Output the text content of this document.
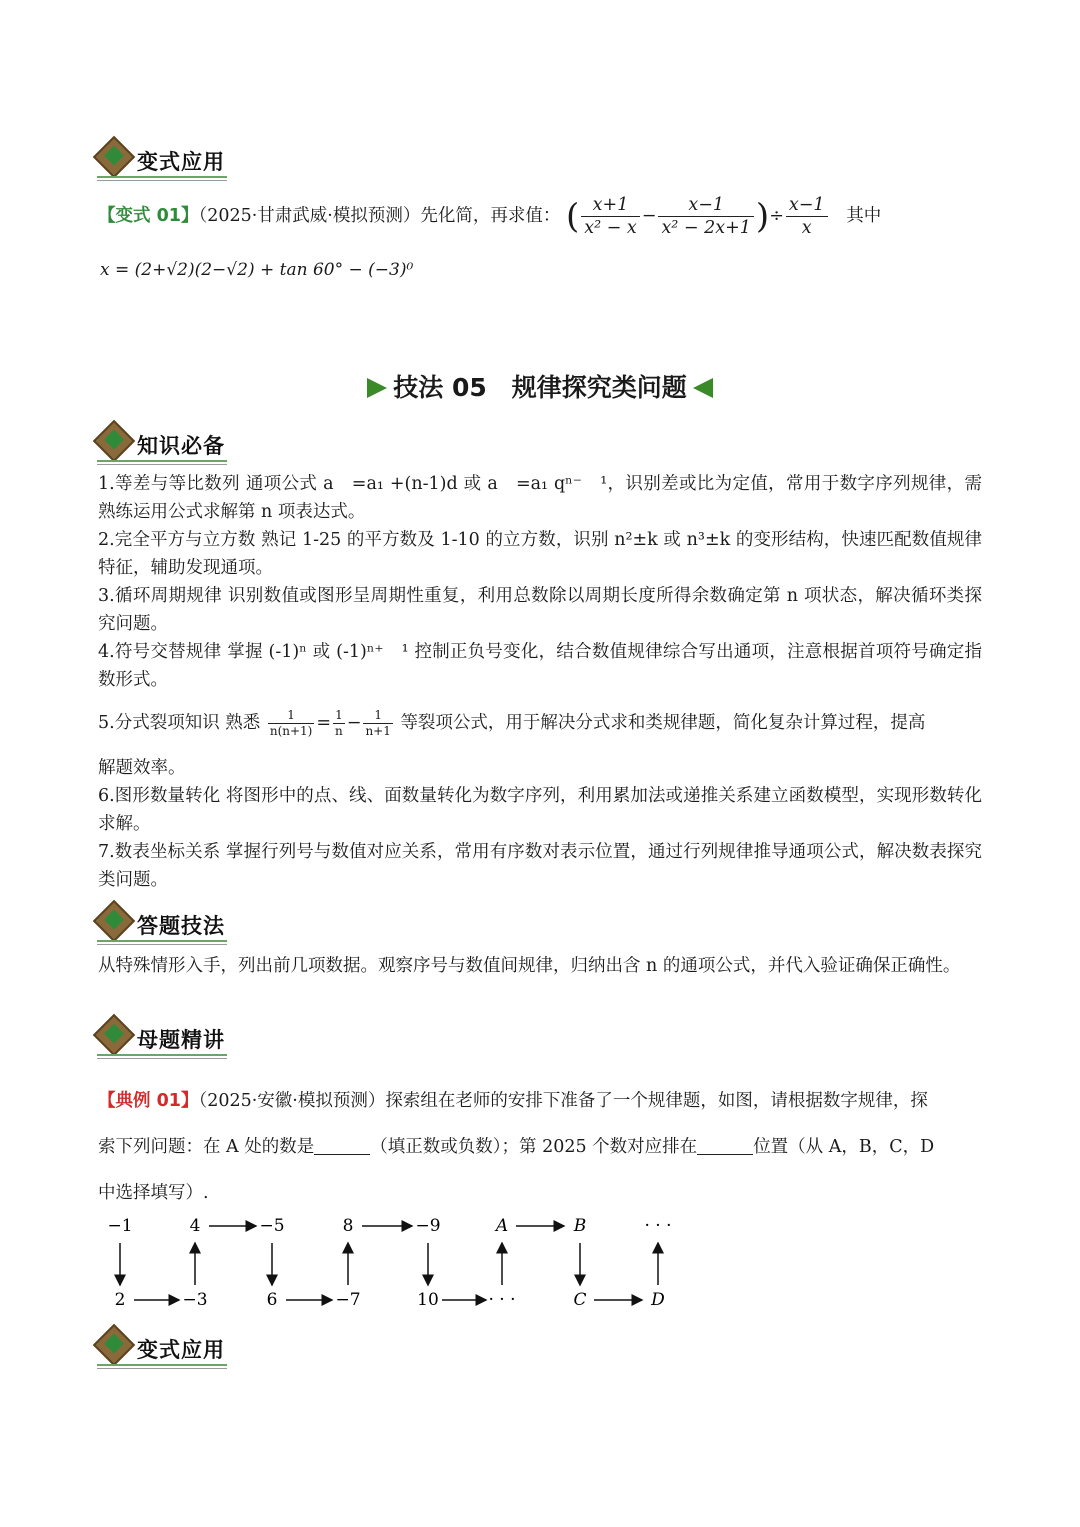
变式应用
【变式 01】（2025·甘肃武威·模拟预测）先化简，再求值： ( $\frac{x+1}{\text{x² − x}} - \frac{x-1}{\text{x² − 2x+1}}$ )÷ $\frac{x-1}{x}$ 其中
x = (2+√2)(2−√2) + tan 60° − (−3)⁰
技法 05　规律探究类问题
知识必备
1.等差与等比数列 通项公式 a　=a₁ +(n-1)d 或 a　=a₁ qⁿ⁻　¹，识别差或比为定值，常用于数字序列规律，需熟练运用公式求解第 n 项表达式。
2.完全平方与立方数 熟记 1-25 的平方数及 1-10 的立方数，识别 n²±k 或 n³±k 的变形结构，快速匹配数值规律特征，辅助发现通项。
3.循环周期规律 识别数值或图形呈周期性重复，利用总数除以周期长度所得余数确定第 n 项状态，解决循环类探究问题。
4.符号交替规律 掌握 (-1)ⁿ 或 (-1)ⁿ⁺　¹ 控制正负号变化，结合数值规律综合写出通项，注意根据首项符号确定指数形式。
5.分式裂项知识 熟悉 $\frac{1}{n(n+1)} = \frac{1}{n} - \frac{1}{n+1}$ 等裂项公式，用于解决分式求和类规律题，简化复杂计算过程，提高
解题效率。
6.图形数量转化 将图形中的点、线、面数量转化为数字序列，利用累加法或递推关系建立函数模型，实现形数转化求解。
7.数表坐标关系 掌握行列号与数值对应关系，常用有序数对表示位置，通过行列规律推导通项公式，解决数表探究类问题。
答题技法
从特殊情形入手，列出前几项数据。观察序号与数值间规律，归纳出含 n 的通项公式，并代入验证确保正确性。
母题精讲
【典例 01】（2025·安徽·模拟预测）探索组在老师的安排下准备了一个规律题，如图，请根据数字规律，探
索下列问题：在 A 处的数是	（填正数或负数）；第 2025 个数对应排在	位置（从 A，B，C，D
中选择填写）.
−1	4	−5	8	−9	A	B	· · ·
2	−3	6	−7	10	· · ·	C	D
变式应用
